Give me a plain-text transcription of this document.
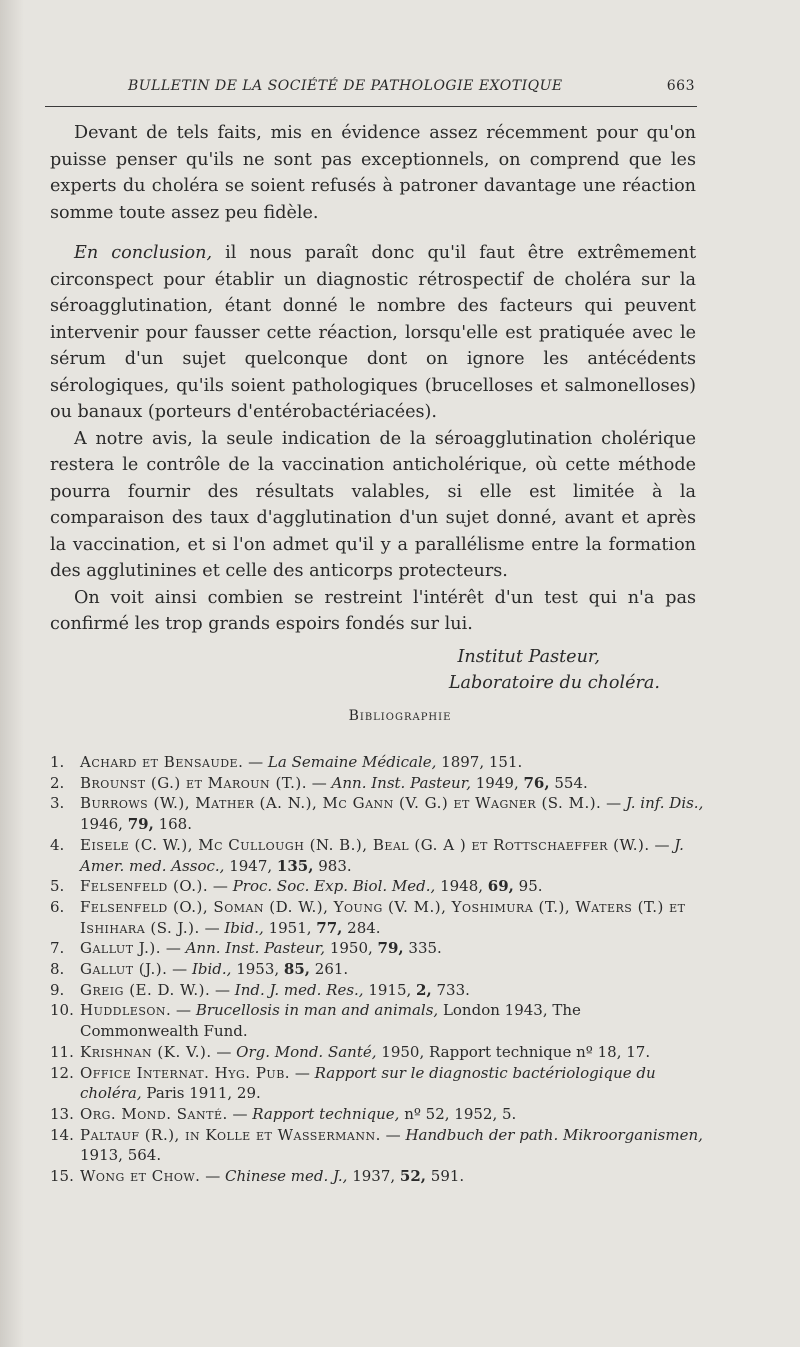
BULLETIN DE LA SOCIÉTÉ DE PATHOLOGIE EXOTIQUE	663

Devant de tels faits, mis en évidence assez récemment pour qu'on puisse penser qu'ils ne sont pas exceptionnels, on comprend que les experts du choléra se soient refusés à patroner davantage une réaction somme toute assez peu fidèle.

En conclusion, il nous paraît donc qu'il faut être extrêmement circonspect pour établir un diagnostic rétrospectif de choléra sur la séroagglutination, étant donné le nombre des facteurs qui peuvent intervenir pour fausser cette réaction, lorsqu'elle est pratiquée avec le sérum d'un sujet quelconque dont on ignore les antécédents sérologiques, qu'ils soient pathologiques (brucelloses et salmonelloses) ou banaux (porteurs d'entérobactériacées).

A notre avis, la seule indication de la séroagglutination cholérique restera le contrôle de la vaccination anticholérique, où cette méthode pourra fournir des résultats valables, si elle est limitée à la comparaison des taux d'agglutination d'un sujet donné, avant et après la vaccination, et si l'on admet qu'il y a parallélisme entre la formation des agglutinines et celle des anticorps protecteurs.

On voit ainsi combien se restreint l'intérêt d'un test qui n'a pas confirmé les trop grands espoirs fondés sur lui.

Institut Pasteur,
Laboratoire du choléra.
Bibliographie
1.	Achard et Bensaude. — La Semaine Médicale, 1897, 151.
2.	Brounst (G.) et Maroun (T.). — Ann. Inst. Pasteur, 1949, 76, 554.
3.	Burrows (W.), Mather (A. N.), Mc Gann (V. G.) et Wagner (S. M.). — J. inf. Dis., 1946, 79, 168.
4.	Eisele (C. W.), Mc Cullough (N. B.), Beal (G. A ) et Rottschaeffer (W.). — J. Amer. med. Assoc., 1947, 135, 983.
5.	Felsenfeld (O.). — Proc. Soc. Exp. Biol. Med., 1948, 69, 95.
6.	Felsenfeld (O.), Soman (D. W.), Young (V. M.), Yoshimura (T.), Waters (T.) et Ishihara (S. J.). — Ibid., 1951, 77, 284.
7.	Gallut J.). — Ann. Inst. Pasteur, 1950, 79, 335.
8.	Gallut (J.). — Ibid., 1953, 85, 261.
9.	Greig (E. D. W.). — Ind. J. med. Res., 1915, 2, 733.
10. Huddleson. — Brucellosis in man and animals, London 1943, The Commonwealth Fund.
11. Krishnan (K. V.). — Org. Mond. Santé, 1950, Rapport technique nº 18, 17.
12. Office Internat. Hyg. Pub. — Rapport sur le diagnostic bactériologique du choléra, Paris 1911, 29.
13. Org. Mond. Santé. — Rapport technique, nº 52, 1952, 5.
14. Paltauf (R.), in Kolle et Wassermann. — Handbuch der path. Mikroorganismen, 1913, 564.
15. Wong et Chow. — Chinese med. J., 1937, 52, 591.
